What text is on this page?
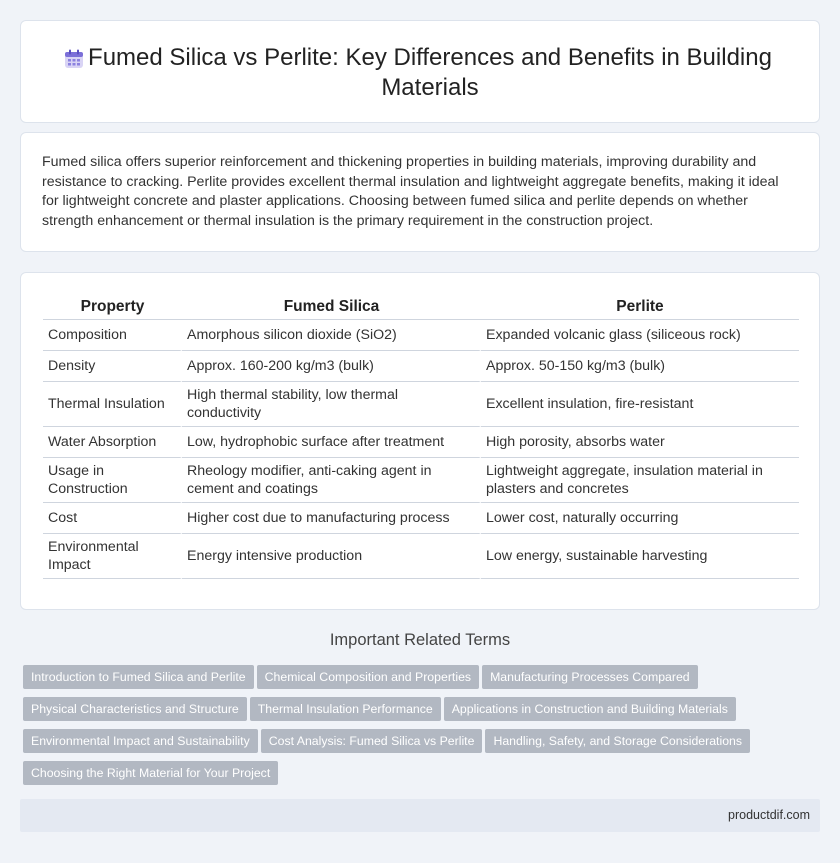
Fumed Silica vs Perlite: Key Differences and Benefits in Building Materials
Fumed silica offers superior reinforcement and thickening properties in building materials, improving durability and resistance to cracking. Perlite provides excellent thermal insulation and lightweight aggregate benefits, making it ideal for lightweight concrete and plaster applications. Choosing between fumed silica and perlite depends on whether strength enhancement or thermal insulation is the primary requirement in the construction project.
Property	Fumed Silica	Perlite
Composition	Amorphous silicon dioxide (SiO2)	Expanded volcanic glass (siliceous rock)
Density	Approx. 160-200 kg/m3 (bulk)	Approx. 50-150 kg/m3 (bulk)
Thermal Insulation	High thermal stability, low thermal conductivity	Excellent insulation, fire-resistant
Water Absorption	Low, hydrophobic surface after treatment	High porosity, absorbs water
Usage in Construction	Rheology modifier, anti-caking agent in cement and coatings	Lightweight aggregate, insulation material in plasters and concretes
Cost	Higher cost due to manufacturing process	Lower cost, naturally occurring
Environmental Impact	Energy intensive production	Low energy, sustainable harvesting
Important Related Terms
Introduction to Fumed Silica and Perlite Chemical Composition and Properties Manufacturing Processes Compared
Physical Characteristics and Structure Thermal Insulation Performance Applications in Construction and Building Materials
Environmental Impact and Sustainability Cost Analysis: Fumed Silica vs Perlite Handling, Safety, and Storage Considerations
Choosing the Right Material for Your Project
productdif.com
